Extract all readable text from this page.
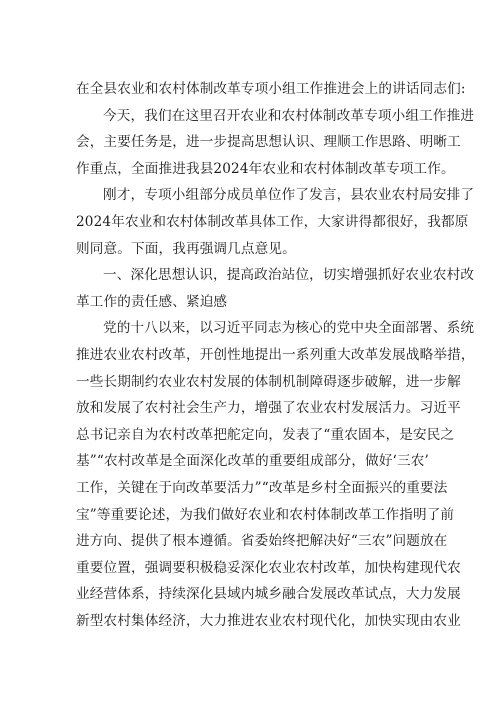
在全县农业和农村体制改革专项小组工作推进会上的讲话同志们:
今天，我们在这里召开农业和农村体制改革专项小组工作推进
会，主要任务是，进一步提高思想认识、理顺工作思路、明晰工
作重点，全面推进我县2024年农业和农村体制改革专项工作。
刚才，专项小组部分成员单位作了发言，县农业农村局安排了
2024年农业和农村体制改革具体工作，大家讲得都很好，我都原
则同意。下面，我再强调几点意见。
一、深化思想认识，提高政治站位，切实增强抓好农业农村改
革工作的责任感、紧迫感
党的十八以来，以习近平同志为核心的党中央全面部署、系统
推进农业农村改革，开创性地提出一系列重大改革发展战略举措，
一些长期制约农业农村发展的体制机制障碍逐步破解，进一步解
放和发展了农村社会生产力，增强了农业农村发展活力。习近平
总书记亲自为农村改革把舵定向，发表了“重农固本，是安民之
基”“农村改革是全面深化改革的重要组成部分，做好‘三农’
工作，关键在于向改革要活力”“改革是乡村全面振兴的重要法
宝”等重要论述，为我们做好农业和农村体制改革工作指明了前
进方向、提供了根本遵循。省委始终把解决好“三农”问题放在
重要位置，强调要积极稳妥深化农业农村改革，加快构建现代农
业经营体系，持续深化县域内城乡融合发展改革试点，大力发展
新型农村集体经济，大力推进农业农村现代化，加快实现由农业
